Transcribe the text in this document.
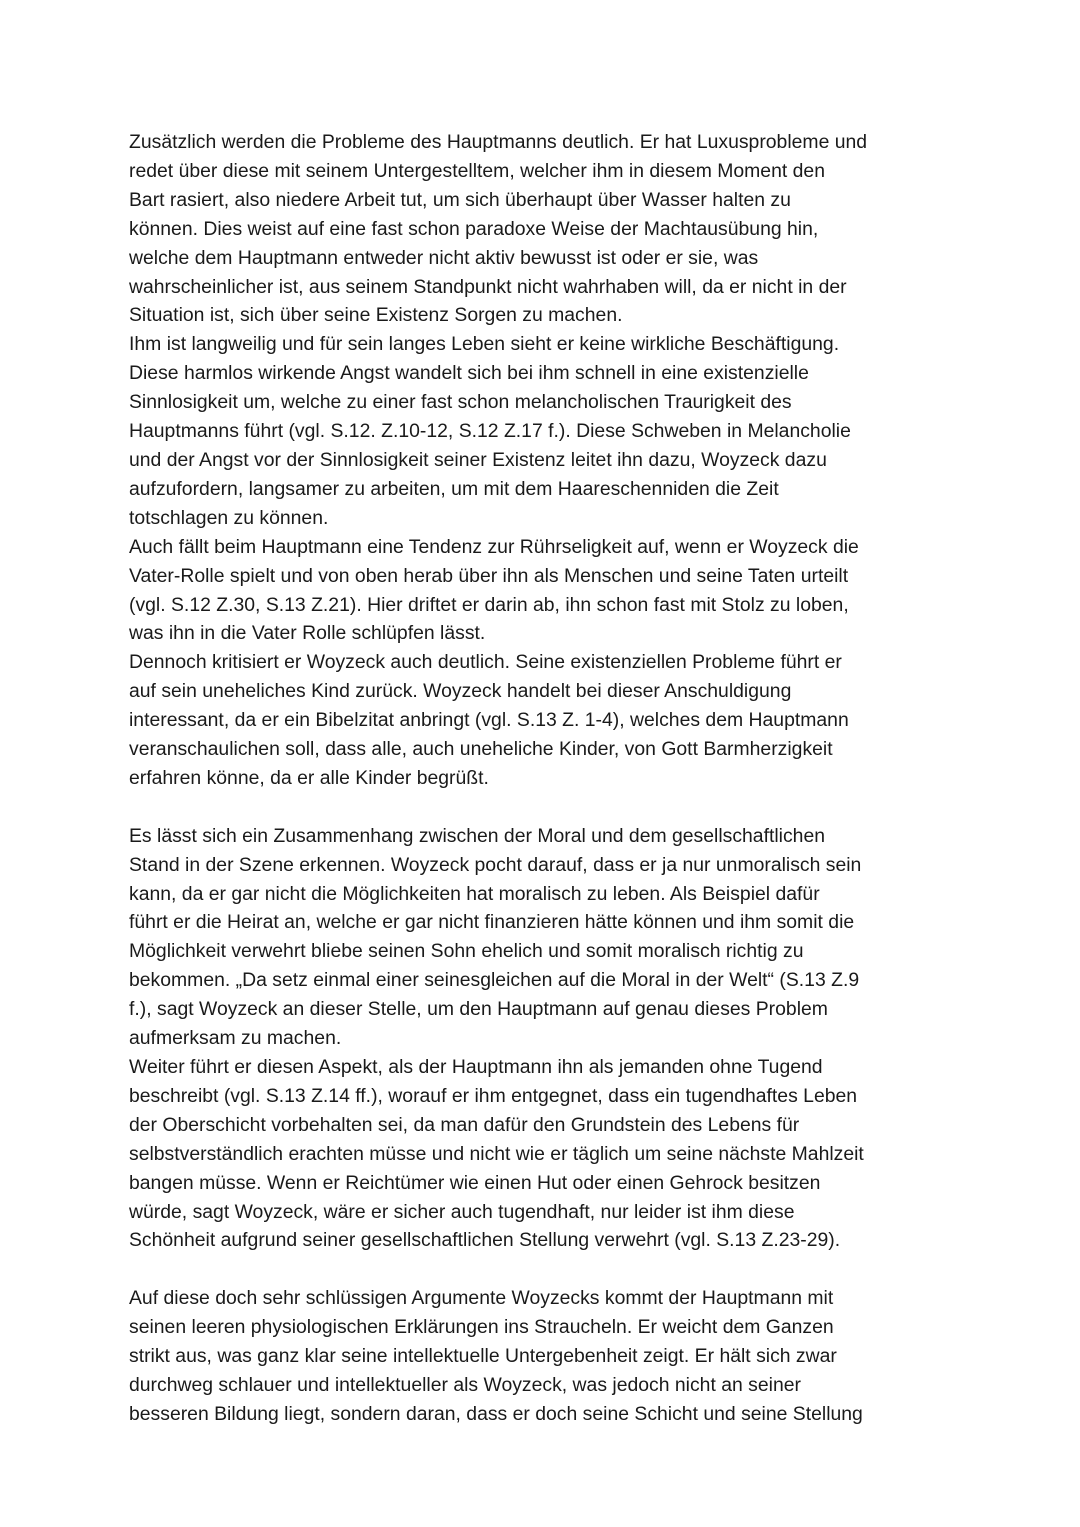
Zusätzlich werden die Probleme des Hauptmanns deutlich. Er hat Luxusprobleme und
redet über diese mit seinem Untergestelltem, welcher ihm in diesem Moment den
Bart rasiert, also niedere Arbeit tut, um sich überhaupt über Wasser halten zu
können. Dies weist auf eine fast schon paradoxe Weise der Machtausübung hin,
welche dem Hauptmann entweder nicht aktiv bewusst ist oder er sie, was
wahrscheinlicher ist, aus seinem Standpunkt nicht wahrhaben will, da er nicht in der
Situation ist, sich über seine Existenz Sorgen zu machen.
Ihm ist langweilig und für sein langes Leben sieht er keine wirkliche Beschäftigung.
Diese harmlos wirkende Angst wandelt sich bei ihm schnell in eine existenzielle
Sinnlosigkeit um, welche zu einer fast schon melancholischen Traurigkeit des
Hauptmanns führt (vgl. S.12. Z.10-12, S.12 Z.17 f.). Diese Schweben in Melancholie
und der Angst vor der Sinnlosigkeit seiner Existenz leitet ihn dazu, Woyzeck dazu
aufzufordern, langsamer zu arbeiten, um mit dem Haareschenniden die Zeit
totschlagen zu können.
Auch fällt beim Hauptmann eine Tendenz zur Rührseligkeit auf, wenn er Woyzeck die
Vater-Rolle spielt und von oben herab über ihn als Menschen und seine Taten urteilt
(vgl. S.12 Z.30, S.13 Z.21). Hier driftet er darin ab, ihn schon fast mit Stolz zu loben,
was ihn in die Vater Rolle schlüpfen lässt.
Dennoch kritisiert er Woyzeck auch deutlich. Seine existenziellen Probleme führt er
auf sein uneheliches Kind zurück. Woyzeck handelt bei dieser Anschuldigung
interessant, da er ein Bibelzitat anbringt (vgl. S.13 Z. 1-4), welches dem Hauptmann
veranschaulichen soll, dass alle, auch uneheliche Kinder, von Gott Barmherzigkeit
erfahren könne, da er alle Kinder begrüßt.
Es lässt sich ein Zusammenhang zwischen der Moral und dem gesellschaftlichen
Stand in der Szene erkennen. Woyzeck pocht darauf, dass er ja nur unmoralisch sein
kann, da er gar nicht die Möglichkeiten hat moralisch zu leben. Als Beispiel dafür
führt er die Heirat an, welche er gar nicht finanzieren hätte können und ihm somit die
Möglichkeit verwehrt bliebe seinen Sohn ehelich und somit moralisch richtig zu
bekommen. „Da setz einmal einer seinesgleichen auf die Moral in der Welt“ (S.13 Z.9
f.), sagt Woyzeck an dieser Stelle, um den Hauptmann auf genau dieses Problem
aufmerksam zu machen.
Weiter führt er diesen Aspekt, als der Hauptmann ihn als jemanden ohne Tugend
beschreibt (vgl. S.13 Z.14 ff.), worauf er ihm entgegnet, dass ein tugendhaftes Leben
der Oberschicht vorbehalten sei, da man dafür den Grundstein des Lebens für
selbstverständlich erachten müsse und nicht wie er täglich um seine nächste Mahlzeit
bangen müsse. Wenn er Reichtümer wie einen Hut oder einen Gehrock besitzen
würde, sagt Woyzeck, wäre er sicher auch tugendhaft, nur leider ist ihm diese
Schönheit aufgrund seiner gesellschaftlichen Stellung verwehrt (vgl. S.13 Z.23-29).
Auf diese doch sehr schlüssigen Argumente Woyzecks kommt der Hauptmann mit
seinen leeren physiologischen Erklärungen ins Straucheln. Er weicht dem Ganzen
strikt aus, was ganz klar seine intellektuelle Untergebenheit zeigt. Er hält sich zwar
durchweg schlauer und intellektueller als Woyzeck, was jedoch nicht an seiner
besseren Bildung liegt, sondern daran, dass er doch seine Schicht und seine Stellung
